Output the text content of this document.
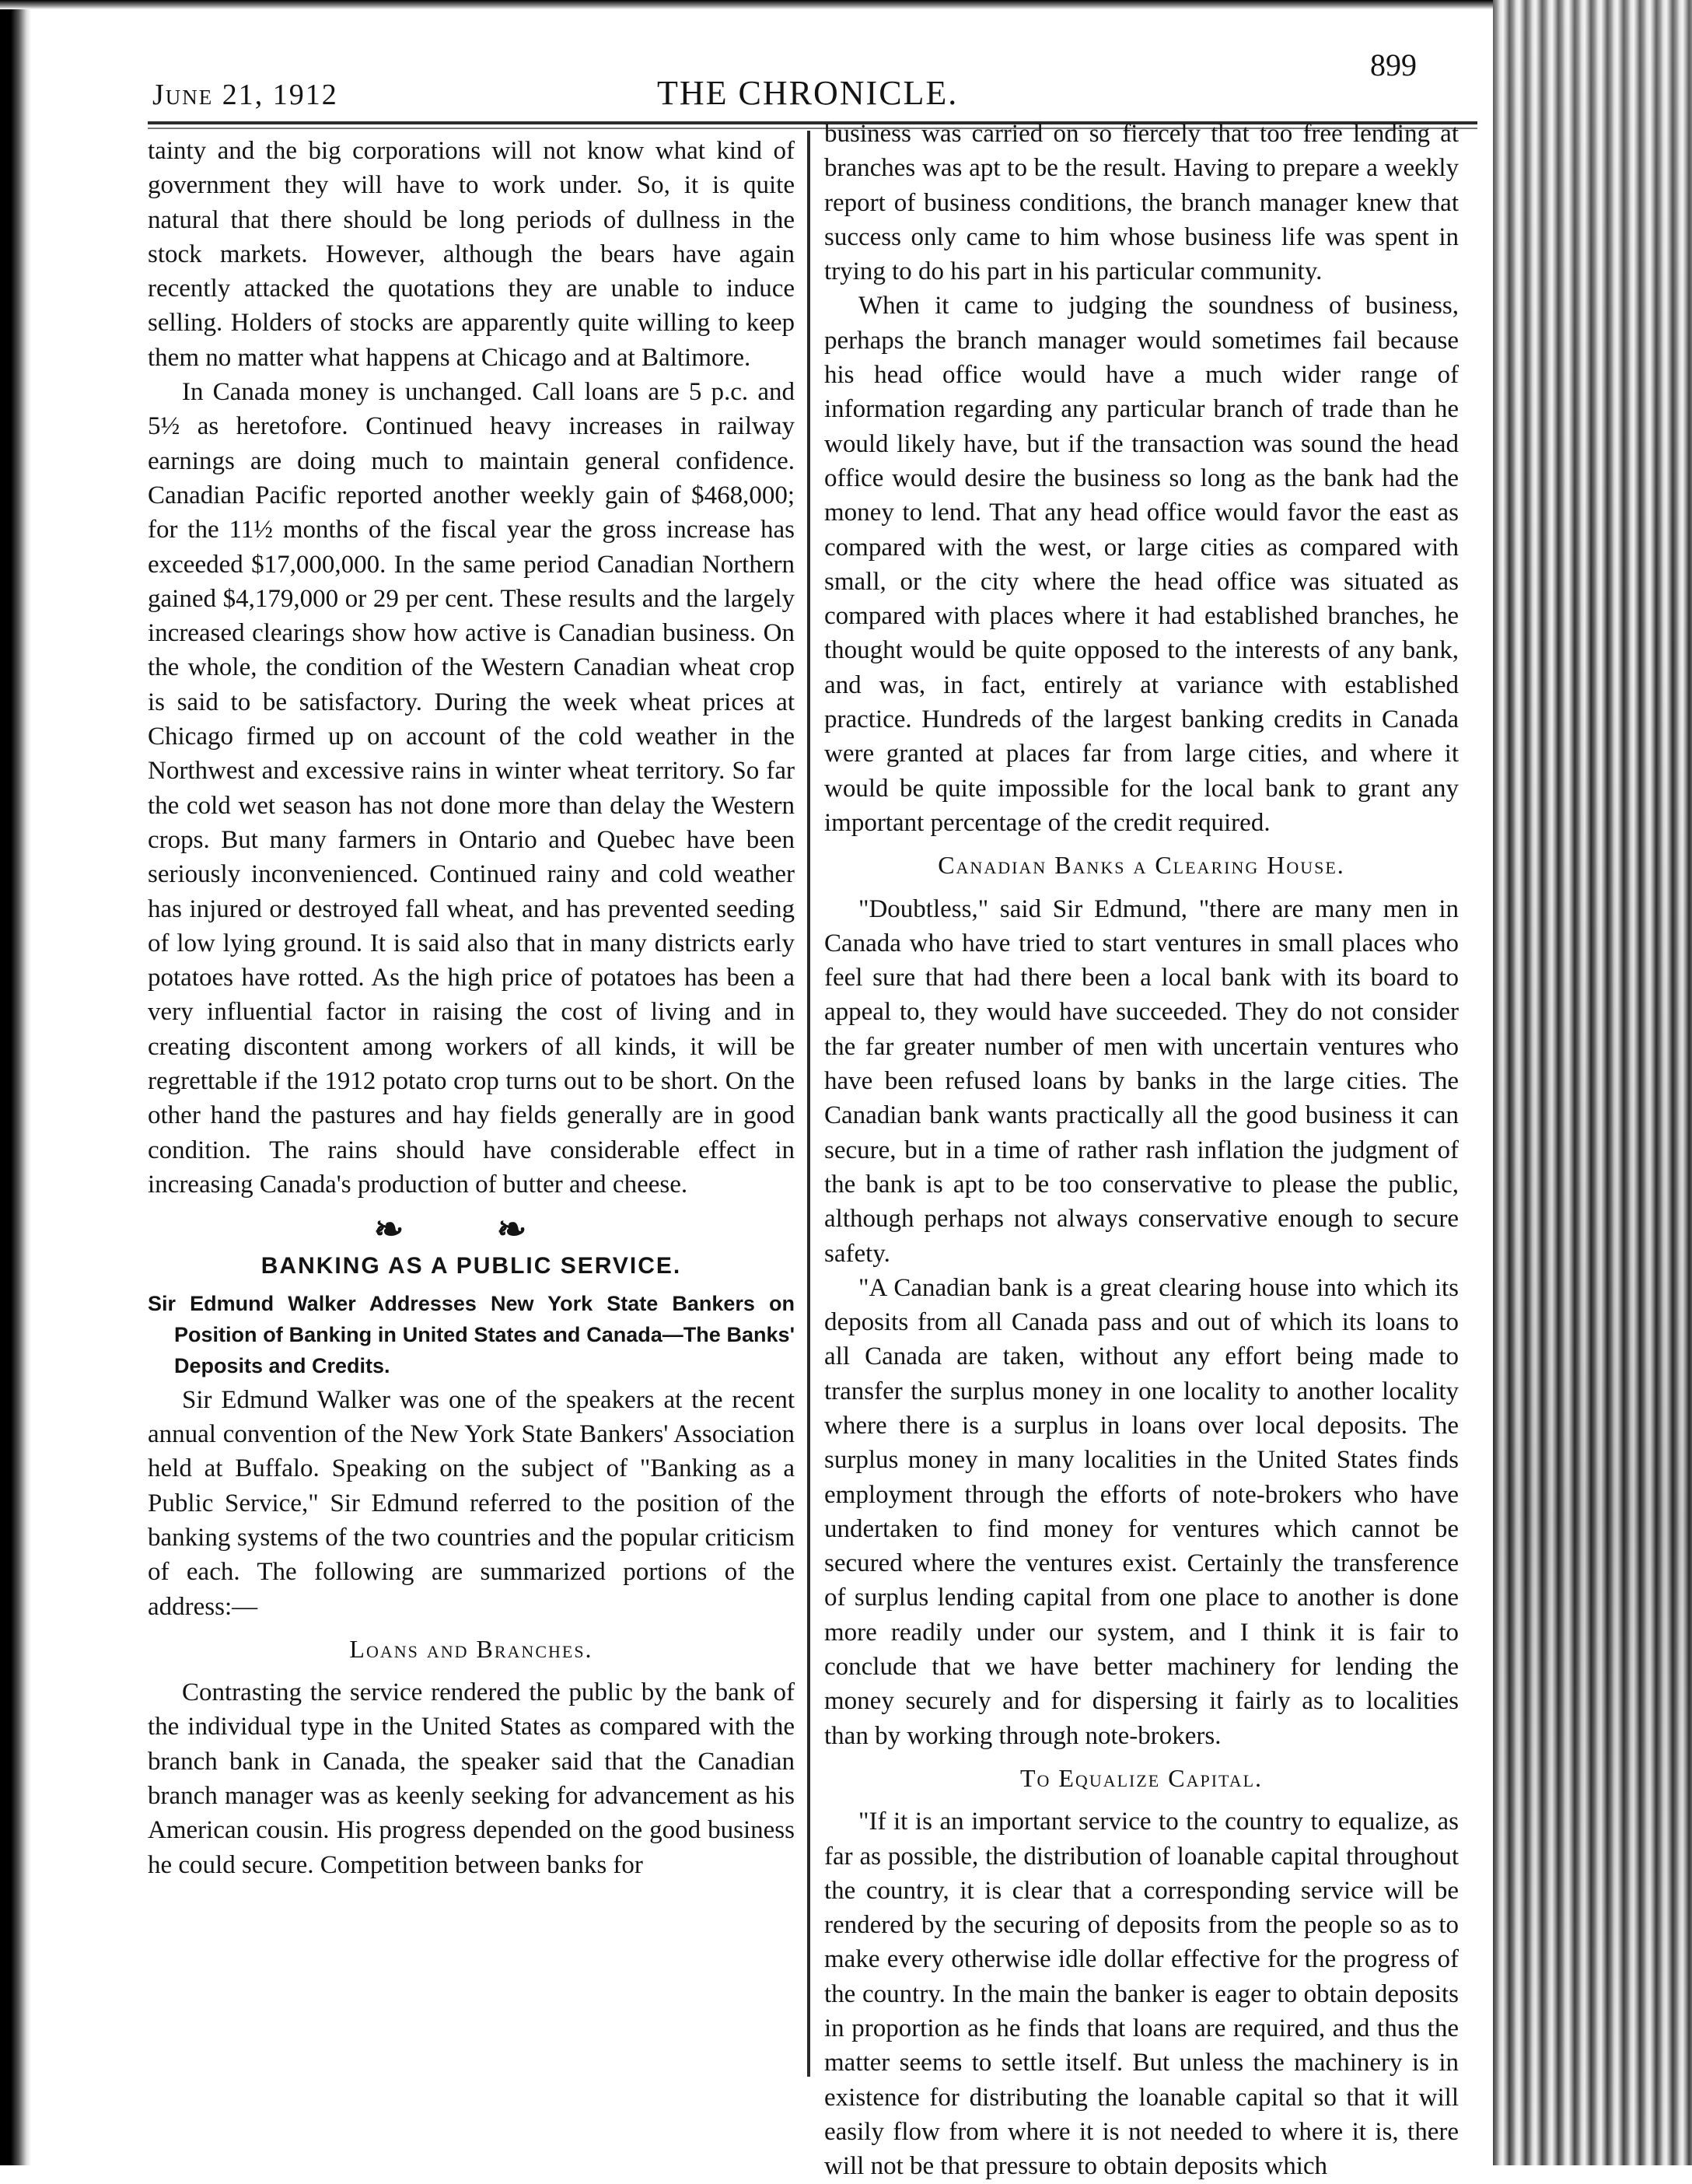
June 21, 1912	THE CHRONICLE.
899

tainty and the big corporations will not know what kind of government they will have to work under. So, it is quite natural that there should be long periods of dullness in the stock markets. However, although the bears have again recently attacked the quotations they are unable to induce selling. Holders of stocks are apparently quite willing to keep them no matter what happens at Chicago and at Baltimore.

In Canada money is unchanged. Call loans are 5 p.c. and 5½ as heretofore. Continued heavy increases in railway earnings are doing much to maintain general confidence. Canadian Pacific reported another weekly gain of $468,000; for the 11½ months of the fiscal year the gross increase has exceeded $17,000,000. In the same period Canadian Northern gained $4,179,000 or 29 per cent. These results and the largely increased clearings show how active is Canadian business. On the whole, the condition of the Western Canadian wheat crop is said to be satisfactory. During the week wheat prices at Chicago firmed up on account of the cold weather in the Northwest and excessive rains in winter wheat territory. So far the cold wet season has not done more than delay the Western crops. But many farmers in Ontario and Quebec have been seriously inconvenienced. Continued rainy and cold weather has injured or destroyed fall wheat, and has prevented seeding of low lying ground. It is said also that in many districts early potatoes have rotted. As the high price of potatoes has been a very influential factor in raising the cost of living and in creating discontent among workers of all kinds, it will be regrettable if the 1912 potato crop turns out to be short. On the other hand the pastures and hay fields generally are in good condition. The rains should have considerable effect in increasing Canada's production of butter and cheese.

❧ ❧
BANKING AS A PUBLIC SERVICE.
Sir Edmund Walker Addresses New York State Bankers on Position of Banking in United States and Canada—The Banks' Deposits and Credits.

Sir Edmund Walker was one of the speakers at the recent annual convention of the New York State Bankers' Association held at Buffalo. Speaking on the subject of "Banking as a Public Service," Sir Edmund referred to the position of the banking systems of the two countries and the popular criticism of each. The following are summarized portions of the address:—

Loans and Branches.

Contrasting the service rendered the public by the bank of the individual type in the United States as compared with the branch bank in Canada, the speaker said that the Canadian branch manager was as keenly seeking for advancement as his American cousin. His progress depended on the good business he could secure. Competition between banks for

business was carried on so fiercely that too free lending at branches was apt to be the result. Having to prepare a weekly report of business conditions, the branch manager knew that success only came to him whose business life was spent in trying to do his part in his particular community.

When it came to judging the soundness of business, perhaps the branch manager would sometimes fail because his head office would have a much wider range of information regarding any particular branch of trade than he would likely have, but if the transaction was sound the head office would desire the business so long as the bank had the money to lend. That any head office would favor the east as compared with the west, or large cities as compared with small, or the city where the head office was situated as compared with places where it had established branches, he thought would be quite opposed to the interests of any bank, and was, in fact, entirely at variance with established practice. Hundreds of the largest banking credits in Canada were granted at places far from large cities, and where it would be quite impossible for the local bank to grant any important percentage of the credit required.

Canadian Banks a Clearing House.

"Doubtless," said Sir Edmund, "there are many men in Canada who have tried to start ventures in small places who feel sure that had there been a local bank with its board to appeal to, they would have succeeded. They do not consider the far greater number of men with uncertain ventures who have been refused loans by banks in the large cities. The Canadian bank wants practically all the good business it can secure, but in a time of rather rash inflation the judgment of the bank is apt to be too conservative to please the public, although perhaps not always conservative enough to secure safety.

"A Canadian bank is a great clearing house into which its deposits from all Canada pass and out of which its loans to all Canada are taken, without any effort being made to transfer the surplus money in one locality to another locality where there is a surplus in loans over local deposits. The surplus money in many localities in the United States finds employment through the efforts of note-brokers who have undertaken to find money for ventures which cannot be secured where the ventures exist. Certainly the transference of surplus lending capital from one place to another is done more readily under our system, and I think it is fair to conclude that we have better machinery for lending the money securely and for dispersing it fairly as to localities than by working through note-brokers.

To Equalize Capital.

"If it is an important service to the country to equalize, as far as possible, the distribution of loanable capital throughout the country, it is clear that a corresponding service will be rendered by the securing of deposits from the people so as to make every otherwise idle dollar effective for the progress of the country. In the main the banker is eager to obtain deposits in proportion as he finds that loans are required, and thus the matter seems to settle itself. But unless the machinery is in existence for distributing the loanable capital so that it will easily flow from where it is not needed to where it is, there will not be that pressure to obtain deposits which
